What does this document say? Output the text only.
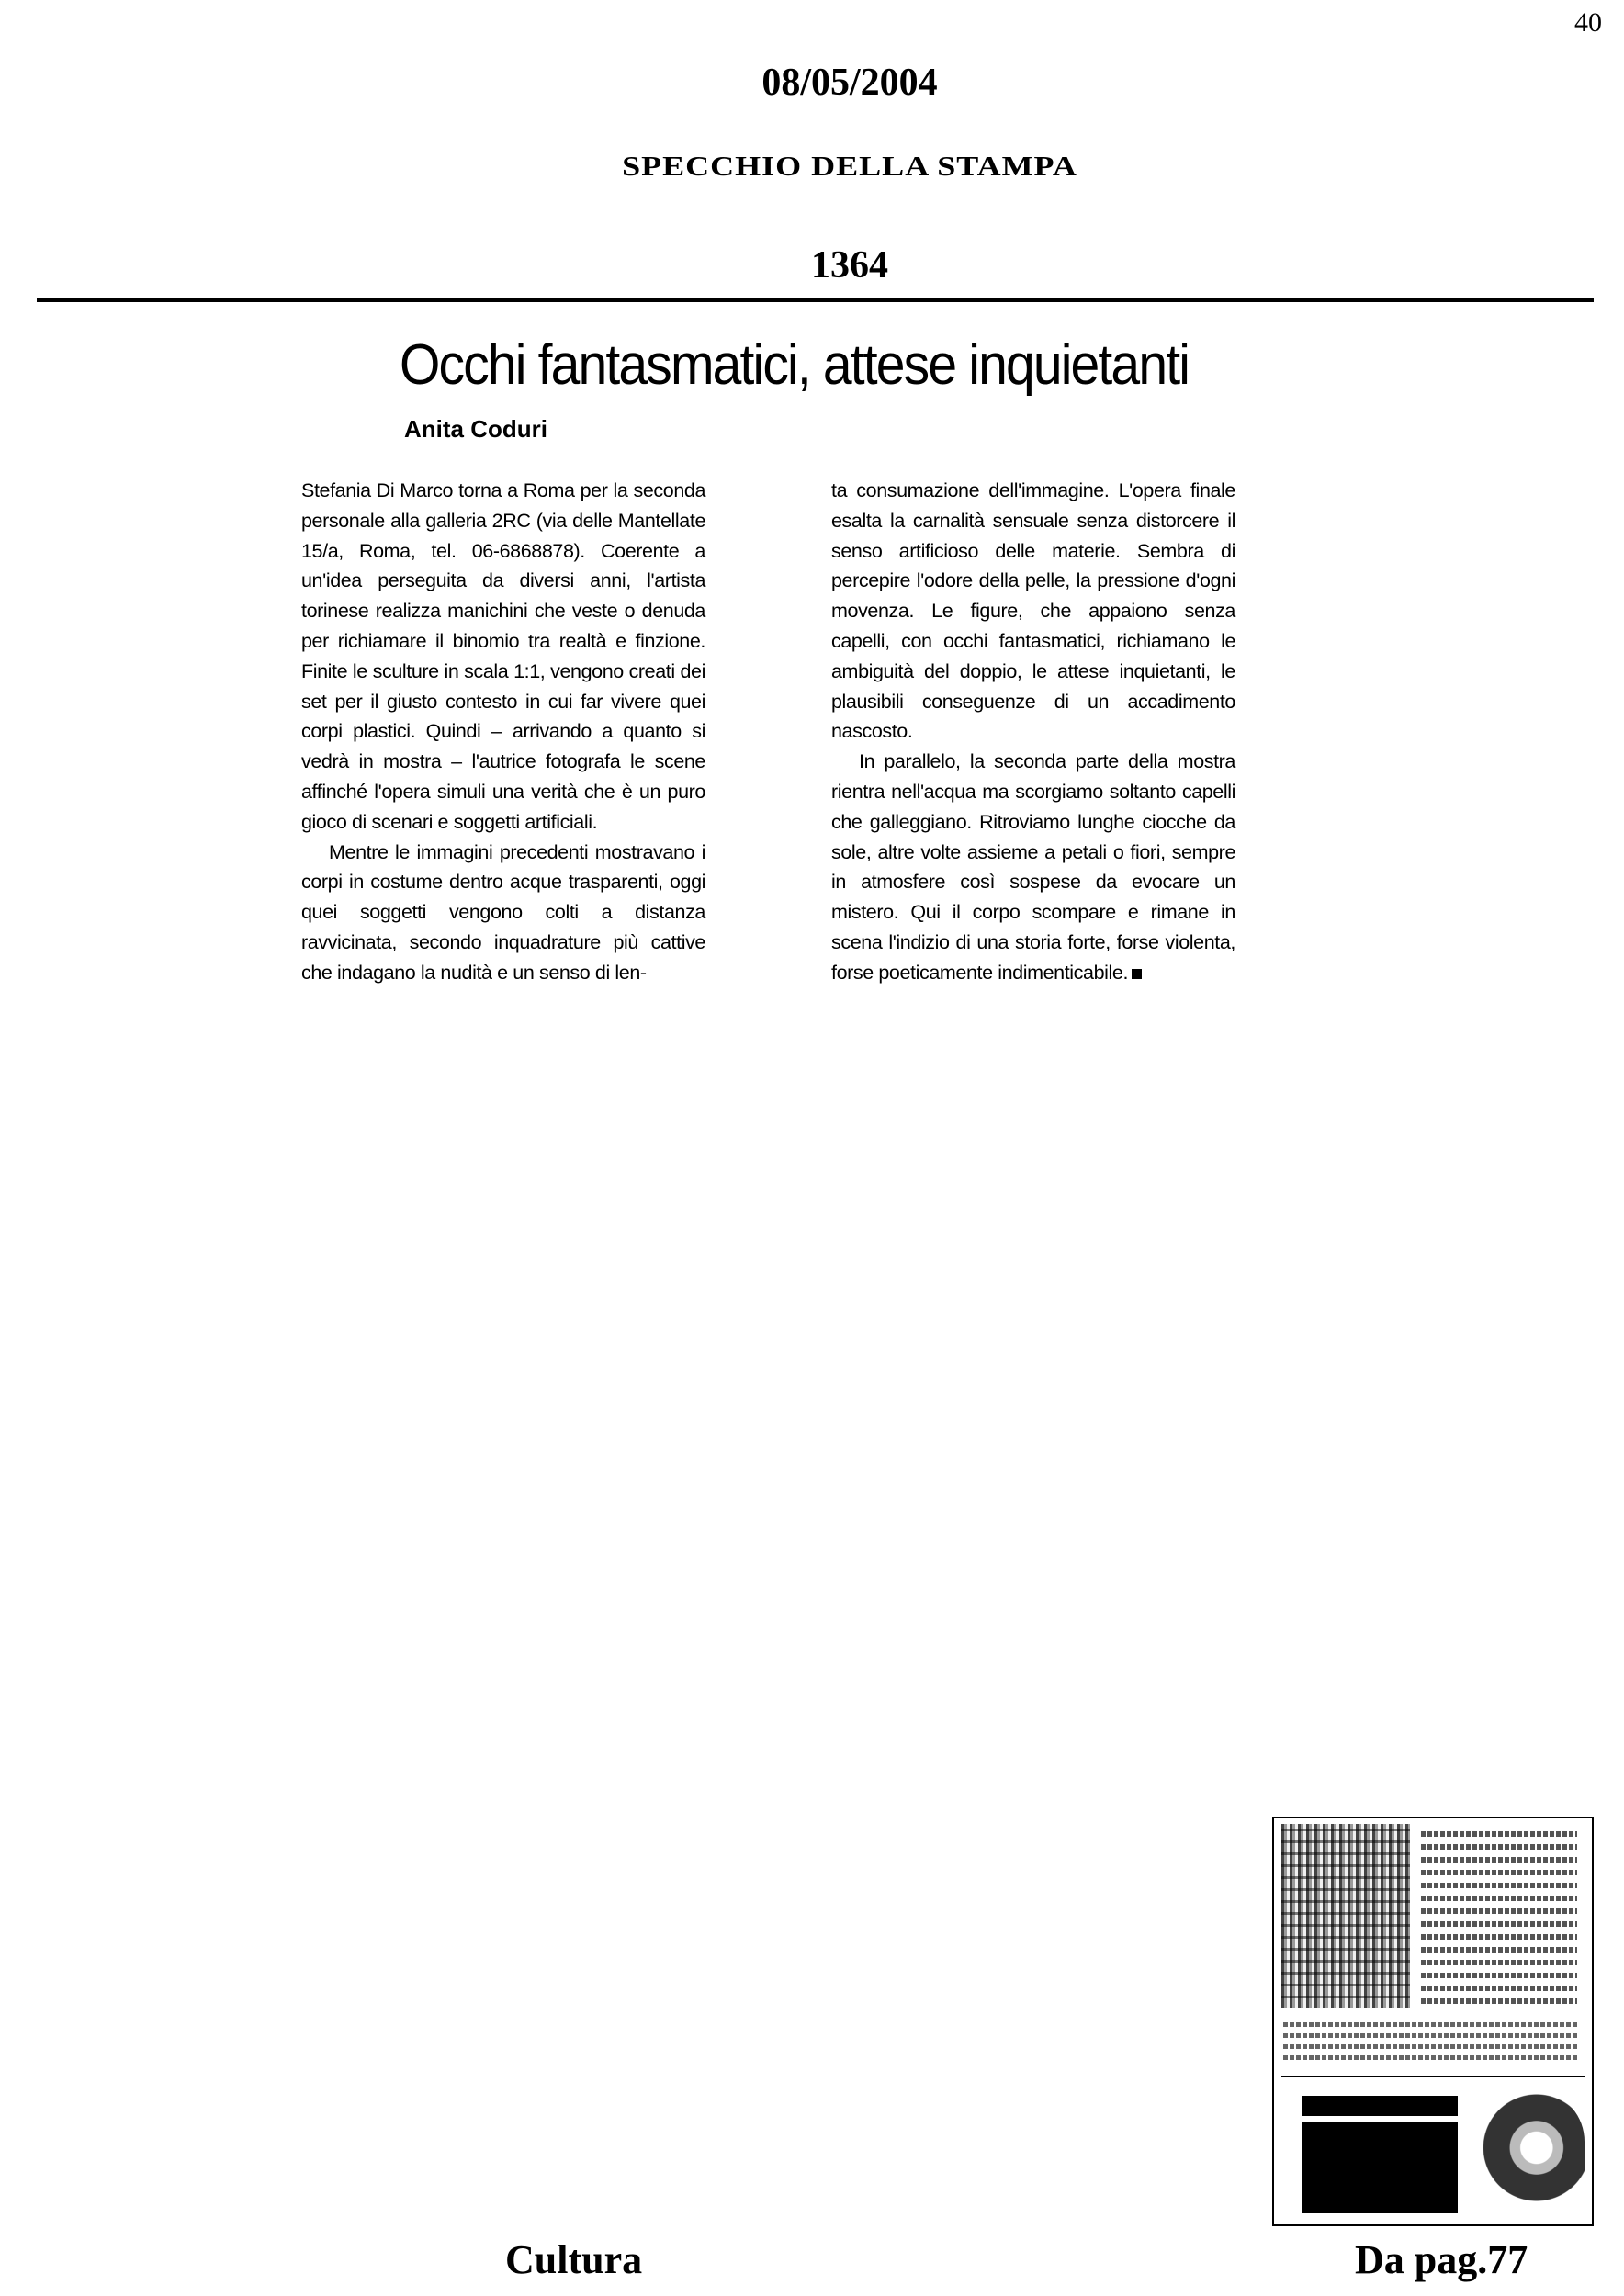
40
08/05/2004
SPECCHIO DELLA STAMPA
1364
Occhi fantasmatici, attese inquietanti
Anita Coduri

Stefania Di Marco torna a Roma per la seconda personale alla galleria 2RC (via delle Mantellate 15/a, Roma, tel. 06-6868878). Coerente a un'idea perseguita da diversi anni, l'artista torinese realizza manichini che veste o denuda per richiamare il binomio tra realtà e finzione. Finite le sculture in scala 1:1, vengono creati dei set per il giusto contesto in cui far vivere quei corpi plastici. Quindi – arrivando a quanto si vedrà in mostra – l'autrice fotografa le scene affinché l'opera simuli una verità che è un puro gioco di scenari e soggetti artificiali.

Mentre le immagini precedenti mostravano i corpi in costume dentro acque trasparenti, oggi quei soggetti vengono colti a distanza ravvicinata, secondo inquadrature più cattive che indagano la nudità e un senso di len-

ta consumazione dell'immagine. L'opera finale esalta la carnalità sensuale senza distorcere il senso artificioso delle materie. Sembra di percepire l'odore della pelle, la pressione d'ogni movenza. Le figure, che appaiono senza capelli, con occhi fantasmatici, richiamano le ambiguità del doppio, le attese inquietanti, le plausibili conseguenze di un accadimento nascosto.

In parallelo, la seconda parte della mostra rientra nell'acqua ma scorgiamo soltanto capelli che galleggiano. Ritroviamo lunghe ciocche da sole, altre volte assieme a petali o fiori, sempre in atmosfere così sospese da evocare un mistero. Qui il corpo scompare e rimane in scena l'indizio di una storia forte, forse violenta, forse poeticamente indimenticabile.

Cultura	Da pag.77
